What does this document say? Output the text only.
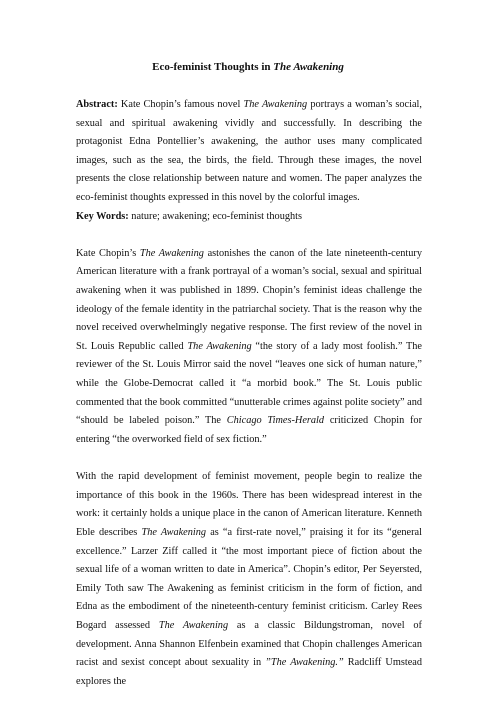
Eco-feminist Thoughts in The Awakening

Abstract: Kate Chopin’s famous novel The Awakening portrays a woman’s social, sexual and spiritual awakening vividly and successfully. In describing the protagonist Edna Pontellier’s awakening, the author uses many complicated images, such as the sea, the birds, the field. Through these images, the novel presents the close relationship between nature and women. The paper analyzes the eco-feminist thoughts expressed in this novel by the colorful images.

Key Words: nature; awakening; eco-feminist thoughts

Kate Chopin’s The Awakening astonishes the canon of the late nineteenth-century American literature with a frank portrayal of a woman’s social, sexual and spiritual awakening when it was published in 1899. Chopin’s feminist ideas challenge the ideology of the female identity in the patriarchal society. That is the reason why the novel received overwhelmingly negative response. The first review of the novel in St. Louis Republic called The Awakening “the story of a lady most foolish.” The reviewer of the St. Louis Mirror said the novel “leaves one sick of human nature,” while the Globe-Democrat called it “a morbid book.” The St. Louis public commented that the book committed “unutterable crimes against polite society” and “should be labeled poison.” The Chicago Times-Herald criticized Chopin for entering “the overworked field of sex fiction.”

With the rapid development of feminist movement, people begin to realize the importance of this book in the 1960s. There has been widespread interest in the work: it certainly holds a unique place in the canon of American literature. Kenneth Eble describes The Awakening as “a first-rate novel,” praising it for its “general excellence.” Larzer Ziff called it “the most important piece of fiction about the sexual life of a woman written to date in America”. Chopin’s editor, Per Seyersted, Emily Toth saw The Awakening as feminist criticism in the form of fiction, and Edna as the embodiment of the nineteenth-century feminist criticism. Carley Rees Bogard assessed The Awakening as a classic Bildungstroman, novel of development. Anna Shannon Elfenbein examined that Chopin challenges American racist and sexist concept about sexuality in ”The Awakening.” Radcliff Umstead explores the
